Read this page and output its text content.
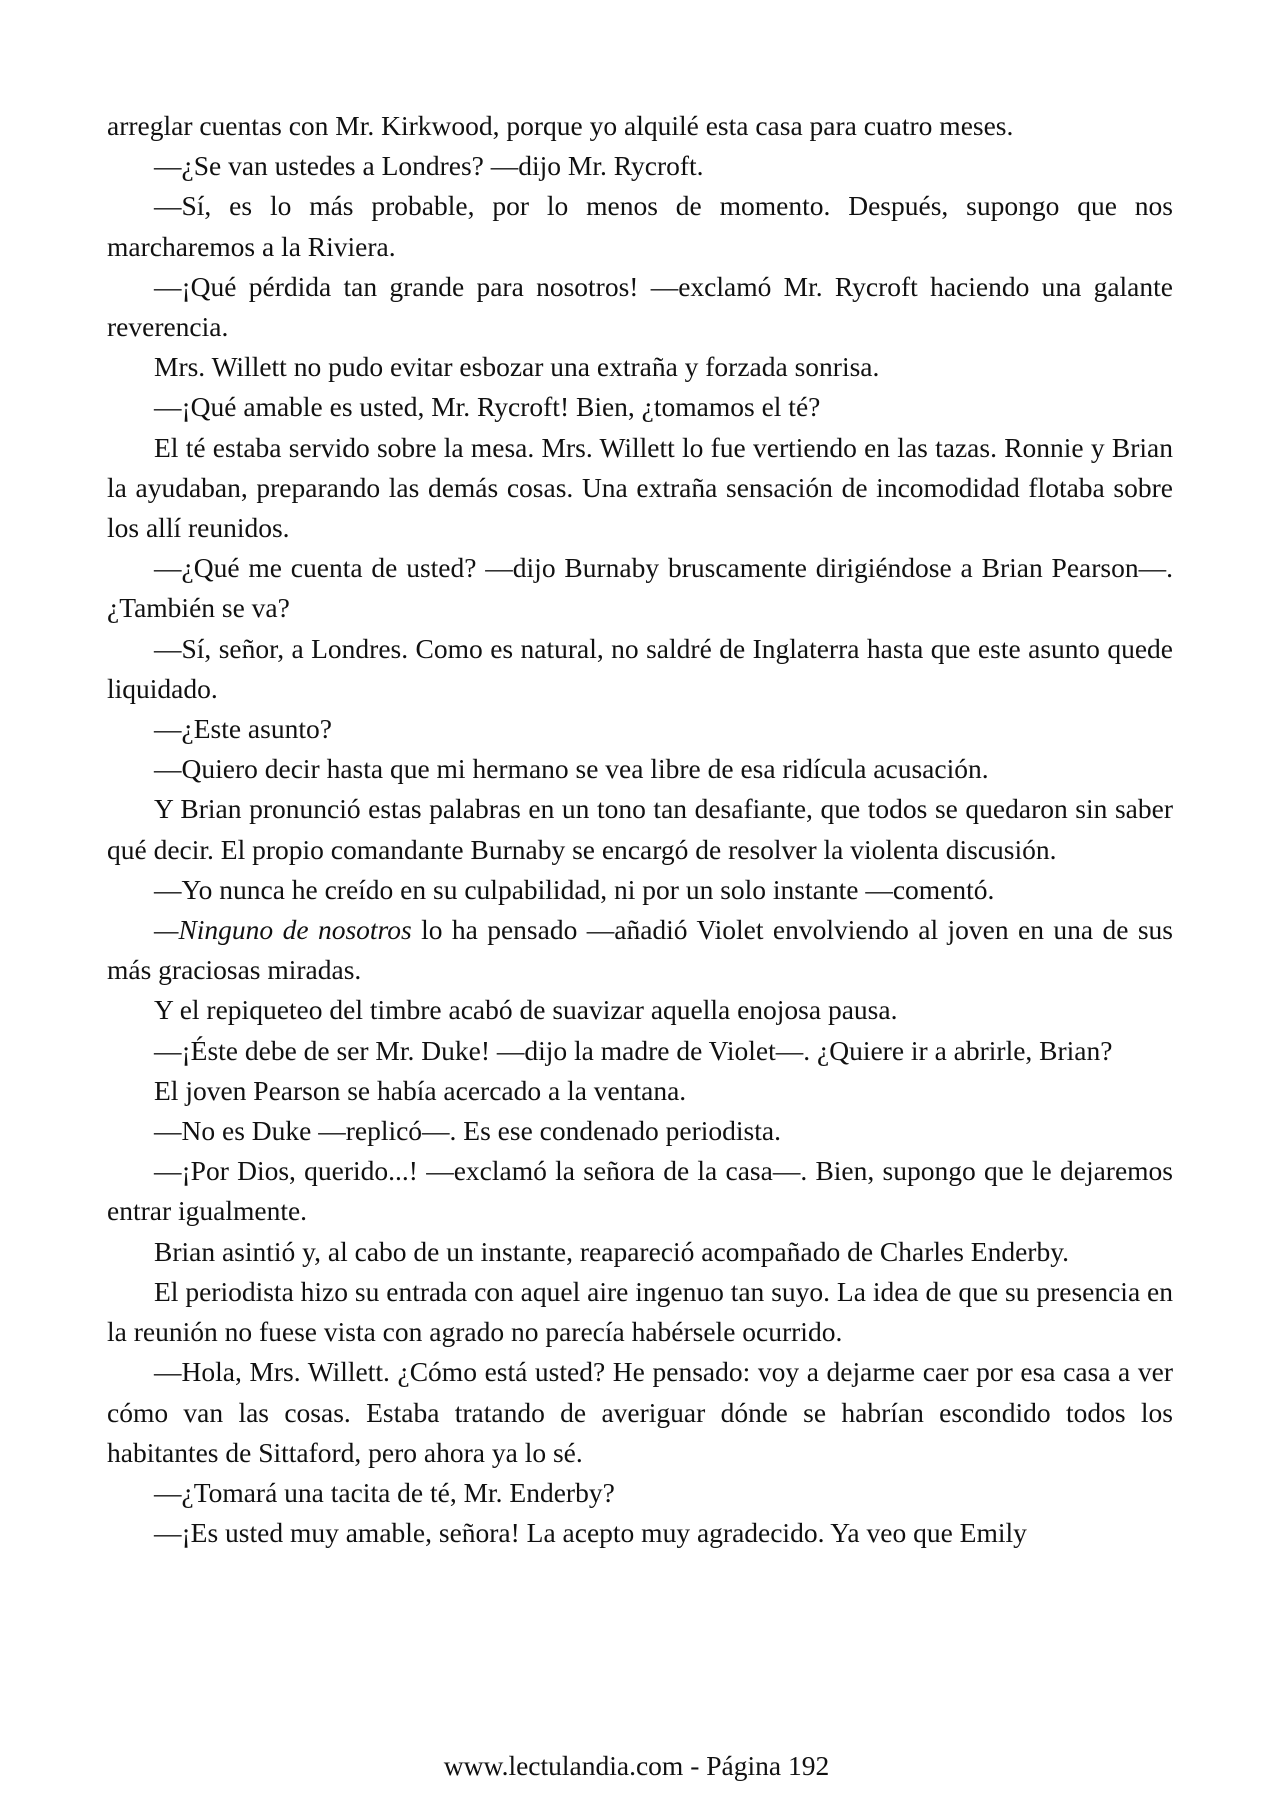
arreglar cuentas con Mr. Kirkwood, porque yo alquilé esta casa para cuatro meses.

—¿Se van ustedes a Londres? —dijo Mr. Rycroft.

—Sí, es lo más probable, por lo menos de momento. Después, supongo que nos marcharemos a la Riviera.

—¡Qué pérdida tan grande para nosotros! —exclamó Mr. Rycroft haciendo una galante reverencia.

Mrs. Willett no pudo evitar esbozar una extraña y forzada sonrisa.

—¡Qué amable es usted, Mr. Rycroft! Bien, ¿tomamos el té?

El té estaba servido sobre la mesa. Mrs. Willett lo fue vertiendo en las tazas. Ronnie y Brian la ayudaban, preparando las demás cosas. Una extraña sensación de incomodidad flotaba sobre los allí reunidos.

—¿Qué me cuenta de usted? —dijo Burnaby bruscamente dirigiéndose a Brian Pearson—. ¿También se va?

—Sí, señor, a Londres. Como es natural, no saldré de Inglaterra hasta que este asunto quede liquidado.

—¿Este asunto?

—Quiero decir hasta que mi hermano se vea libre de esa ridícula acusación.

Y Brian pronunció estas palabras en un tono tan desafiante, que todos se quedaron sin saber qué decir. El propio comandante Burnaby se encargó de resolver la violenta discusión.

—Yo nunca he creído en su culpabilidad, ni por un solo instante —comentó.

—Ninguno de nosotros lo ha pensado —añadió Violet envolviendo al joven en una de sus más graciosas miradas.

Y el repiqueteo del timbre acabó de suavizar aquella enojosa pausa.

—¡Éste debe de ser Mr. Duke! —dijo la madre de Violet—. ¿Quiere ir a abrirle, Brian?

El joven Pearson se había acercado a la ventana.

—No es Duke —replicó—. Es ese condenado periodista.

—¡Por Dios, querido...! —exclamó la señora de la casa—. Bien, supongo que le dejaremos entrar igualmente.

Brian asintió y, al cabo de un instante, reapareció acompañado de Charles Enderby.

El periodista hizo su entrada con aquel aire ingenuo tan suyo. La idea de que su presencia en la reunión no fuese vista con agrado no parecía habérsele ocurrido.

—Hola, Mrs. Willett. ¿Cómo está usted? He pensado: voy a dejarme caer por esa casa a ver cómo van las cosas. Estaba tratando de averiguar dónde se habrían escondido todos los habitantes de Sittaford, pero ahora ya lo sé.

—¿Tomará una tacita de té, Mr. Enderby?

—¡Es usted muy amable, señora! La acepto muy agradecido. Ya veo que Emily

www.lectulandia.com - Página 192
